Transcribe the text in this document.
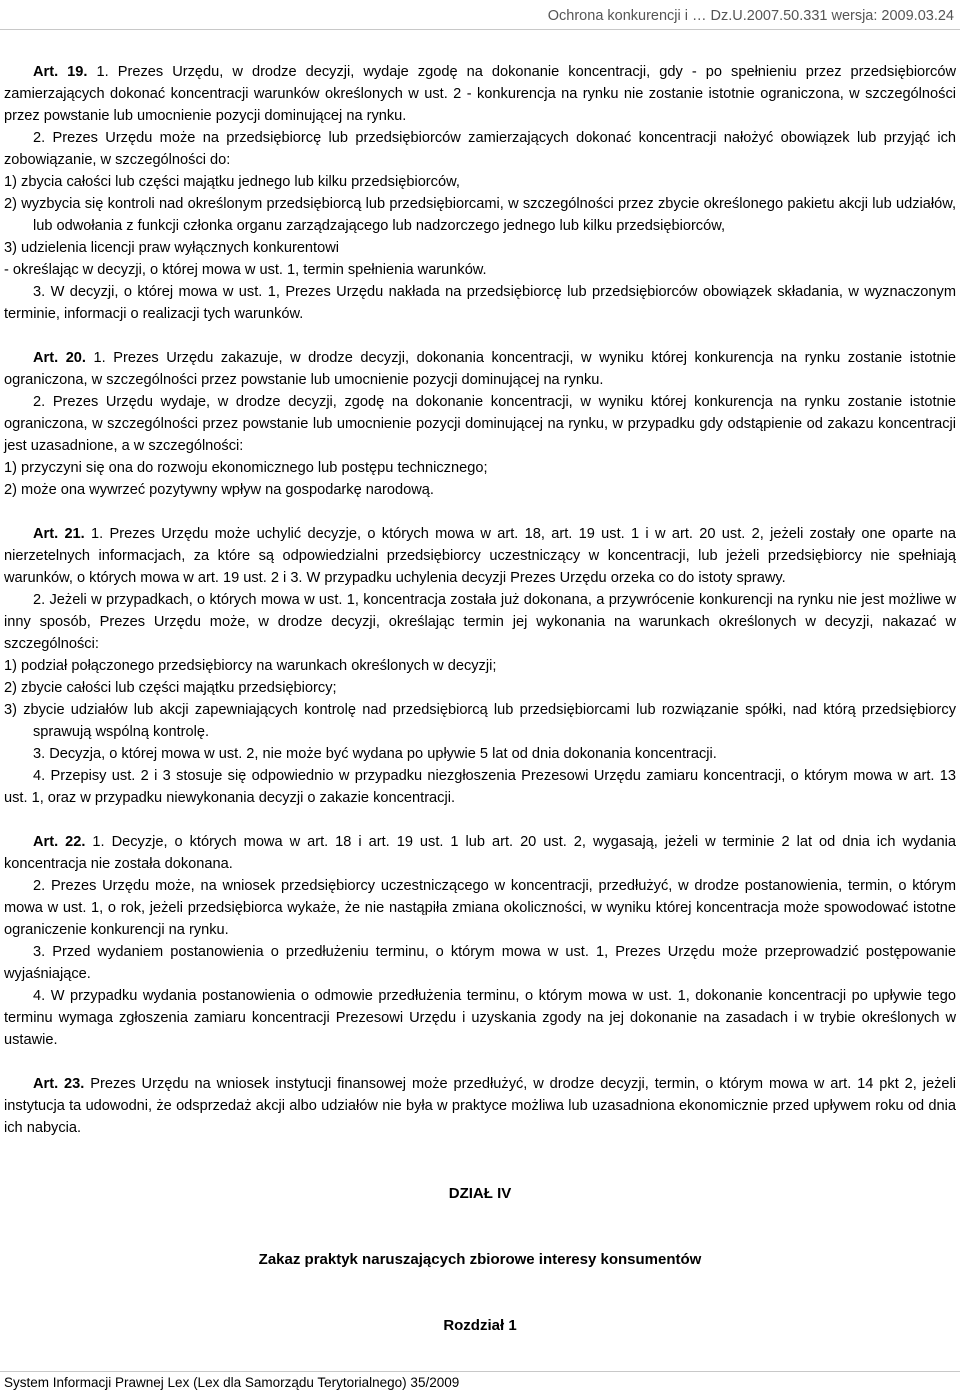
Ochrona konkurencji i … Dz.U.2007.50.331 wersja: 2009.03.24

Art. 19. 1. Prezes Urzędu, w drodze decyzji, wydaje zgodę na dokonanie koncentracji, gdy - po spełnieniu przez przedsiębiorców zamierzających dokonać koncentracji warunków określonych w ust. 2 - konkurencja na rynku nie zostanie istotnie ograniczona, w szczególności przez powstanie lub umocnienie pozycji dominującej na rynku.

2. Prezes Urzędu może na przedsiębiorcę lub przedsiębiorców zamierzających dokonać koncentracji nałożyć obowiązek lub przyjąć ich zobowiązanie, w szczególności do:

1) zbycia całości lub części majątku jednego lub kilku przedsiębiorców,

2) wyzbycia się kontroli nad określonym przedsiębiorcą lub przedsiębiorcami, w szczególności przez zbycie określonego pakietu akcji lub udziałów, lub odwołania z funkcji członka organu zarządzającego lub nadzorczego jednego lub kilku przedsiębiorców,

3) udzielenia licencji praw wyłącznych konkurentowi

- określając w decyzji, o której mowa w ust. 1, termin spełnienia warunków.

3. W decyzji, o której mowa w ust. 1, Prezes Urzędu nakłada na przedsiębiorcę lub przedsiębiorców obowiązek składania, w wyznaczonym terminie, informacji o realizacji tych warunków.

Art. 20. 1. Prezes Urzędu zakazuje, w drodze decyzji, dokonania koncentracji, w wyniku której konkurencja na rynku zostanie istotnie ograniczona, w szczególności przez powstanie lub umocnienie pozycji dominującej na rynku.

2. Prezes Urzędu wydaje, w drodze decyzji, zgodę na dokonanie koncentracji, w wyniku której konkurencja na rynku zostanie istotnie ograniczona, w szczególności przez powstanie lub umocnienie pozycji dominującej na rynku, w przypadku gdy odstąpienie od zakazu koncentracji jest uzasadnione, a w szczególności:

1) przyczyni się ona do rozwoju ekonomicznego lub postępu technicznego;

2) może ona wywrzeć pozytywny wpływ na gospodarkę narodową.

Art. 21. 1. Prezes Urzędu może uchylić decyzje, o których mowa w art. 18, art. 19 ust. 1 i w art. 20 ust. 2, jeżeli zostały one oparte na nierzetelnych informacjach, za które są odpowiedzialni przedsiębiorcy uczestniczący w koncentracji, lub jeżeli przedsiębiorcy nie spełniają warunków, o których mowa w art. 19 ust. 2 i 3. W przypadku uchylenia decyzji Prezes Urzędu orzeka co do istoty sprawy.

2. Jeżeli w przypadkach, o których mowa w ust. 1, koncentracja została już dokonana, a przywrócenie konkurencji na rynku nie jest możliwe w inny sposób, Prezes Urzędu może, w drodze decyzji, określając termin jej wykonania na warunkach określonych w decyzji, nakazać w szczególności:

1) podział połączonego przedsiębiorcy na warunkach określonych w decyzji;

2) zbycie całości lub części majątku przedsiębiorcy;

3) zbycie udziałów lub akcji zapewniających kontrolę nad przedsiębiorcą lub przedsiębiorcami lub rozwiązanie spółki, nad którą przedsiębiorcy sprawują wspólną kontrolę.

3. Decyzja, o której mowa w ust. 2, nie może być wydana po upływie 5 lat od dnia dokonania koncentracji.

4. Przepisy ust. 2 i 3 stosuje się odpowiednio w przypadku niezgłoszenia Prezesowi Urzędu zamiaru koncentracji, o którym mowa w art. 13 ust. 1, oraz w przypadku niewykonania decyzji o zakazie koncentracji.

Art. 22. 1. Decyzje, o których mowa w art. 18 i art. 19 ust. 1 lub art. 20 ust. 2, wygasają, jeżeli w terminie 2 lat od dnia ich wydania koncentracja nie została dokonana.

2. Prezes Urzędu może, na wniosek przedsiębiorcy uczestniczącego w koncentracji, przedłużyć, w drodze postanowienia, termin, o którym mowa w ust. 1, o rok, jeżeli przedsiębiorca wykaże, że nie nastąpiła zmiana okoliczności, w wyniku której koncentracja może spowodować istotne ograniczenie konkurencji na rynku.

3. Przed wydaniem postanowienia o przedłużeniu terminu, o którym mowa w ust. 1, Prezes Urzędu może przeprowadzić postępowanie wyjaśniające.

4. W przypadku wydania postanowienia o odmowie przedłużenia terminu, o którym mowa w ust. 1, dokonanie koncentracji po upływie tego terminu wymaga zgłoszenia zamiaru koncentracji Prezesowi Urzędu i uzyskania zgody na jej dokonanie na zasadach i w trybie określonych w ustawie.

Art. 23. Prezes Urzędu na wniosek instytucji finansowej może przedłużyć, w drodze decyzji, termin, o którym mowa w art. 14 pkt 2, jeżeli instytucja ta udowodni, że odsprzedaż akcji albo udziałów nie była w praktyce możliwa lub uzasadniona ekonomicznie przed upływem roku od dnia ich nabycia.

DZIAŁ IV

Zakaz praktyk naruszających zbiorowe interesy konsumentów

Rozdział 1

System Informacji Prawnej Lex (Lex dla Samorządu Terytorialnego) 35/2009
